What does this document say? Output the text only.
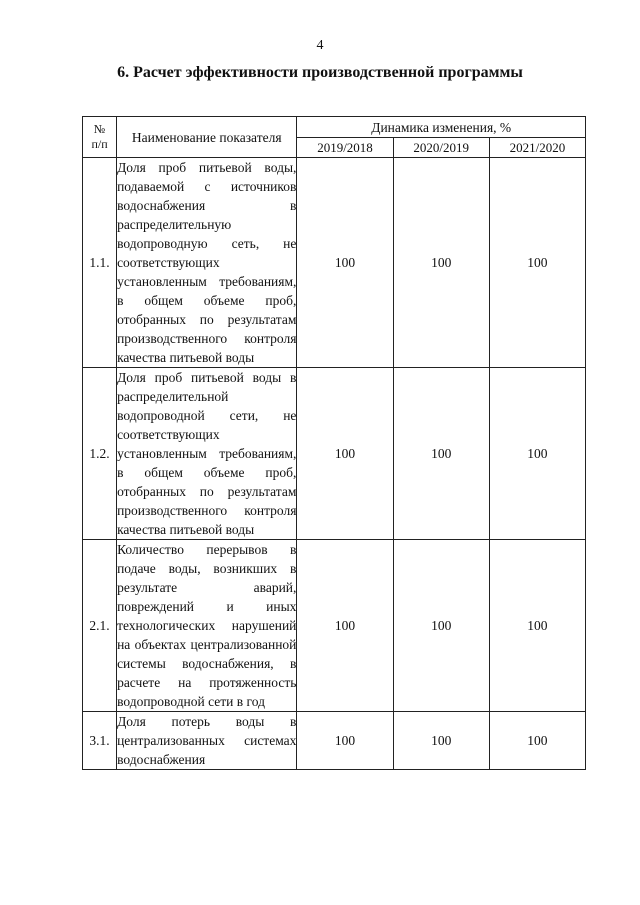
4
6. Расчет эффективности производственной программы
№
п/п	Наименование показателя	Динамика изменения, %		
		2019/2018	2020/2019	2021/2020
1.1.	Доля проб питьевой воды, подаваемой с источников водоснабжения в распределительную водопроводную сеть, не соответствующих установленным требованиям, в общем объеме проб, отобранных по результатам производственного контроля качества питьевой воды	100	100	100
1.2.	Доля проб питьевой воды в распределительной водопроводной сети, не соответствующих установленным требованиям, в общем объеме проб, отобранных по результатам производственного контроля качества питьевой воды	100	100	100
2.1.	Количество перерывов в подаче воды, возникших в результате аварий, повреждений и иных технологических нарушений на объектах централизованной системы водоснабжения, в расчете на протяженность водопроводной сети в год	100	100	100
3.1.	Доля потерь воды в централизованных системах водоснабжения	100	100	100
